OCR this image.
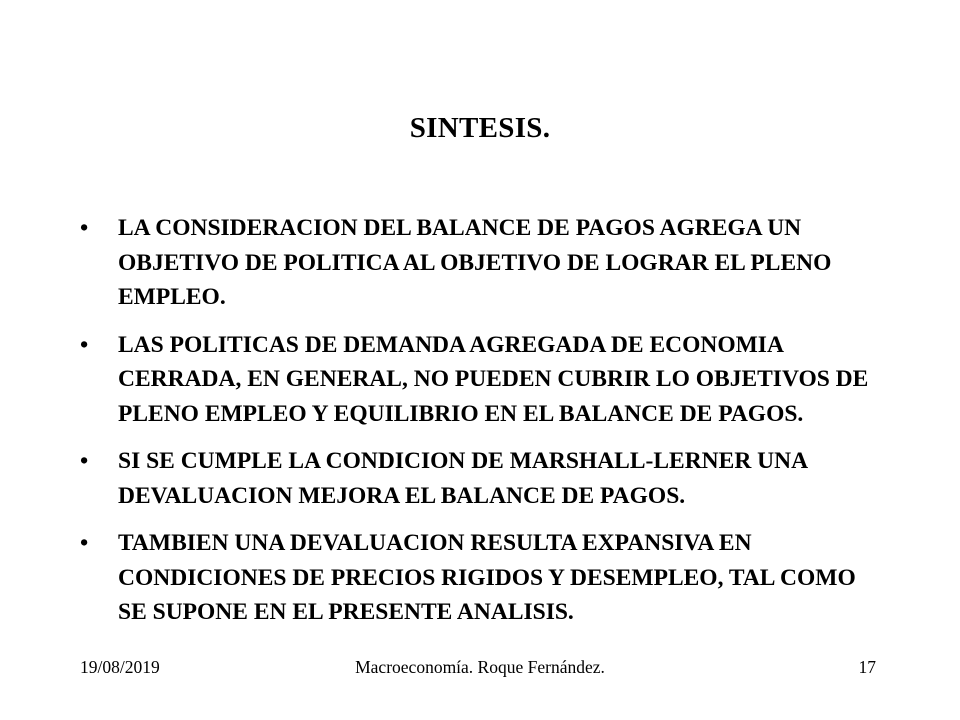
SINTESIS.
•	LA CONSIDERACION DEL BALANCE DE PAGOS AGREGA UN OBJETIVO DE POLITICA AL OBJETIVO DE LOGRAR EL PLENO EMPLEO.
•	LAS POLITICAS DE DEMANDA AGREGADA DE ECONOMIA CERRADA, EN GENERAL, NO PUEDEN CUBRIR LO OBJETIVOS DE PLENO EMPLEO Y EQUILIBRIO EN EL BALANCE DE PAGOS.
•	SI SE CUMPLE LA CONDICION DE MARSHALL-LERNER UNA DEVALUACION MEJORA EL BALANCE DE PAGOS.
•	TAMBIEN UNA DEVALUACION RESULTA EXPANSIVA EN CONDICIONES DE PRECIOS RIGIDOS Y DESEMPLEO, TAL COMO SE SUPONE EN EL PRESENTE ANALISIS.
19/08/2019	Macroeconomía. Roque Fernández.	17
